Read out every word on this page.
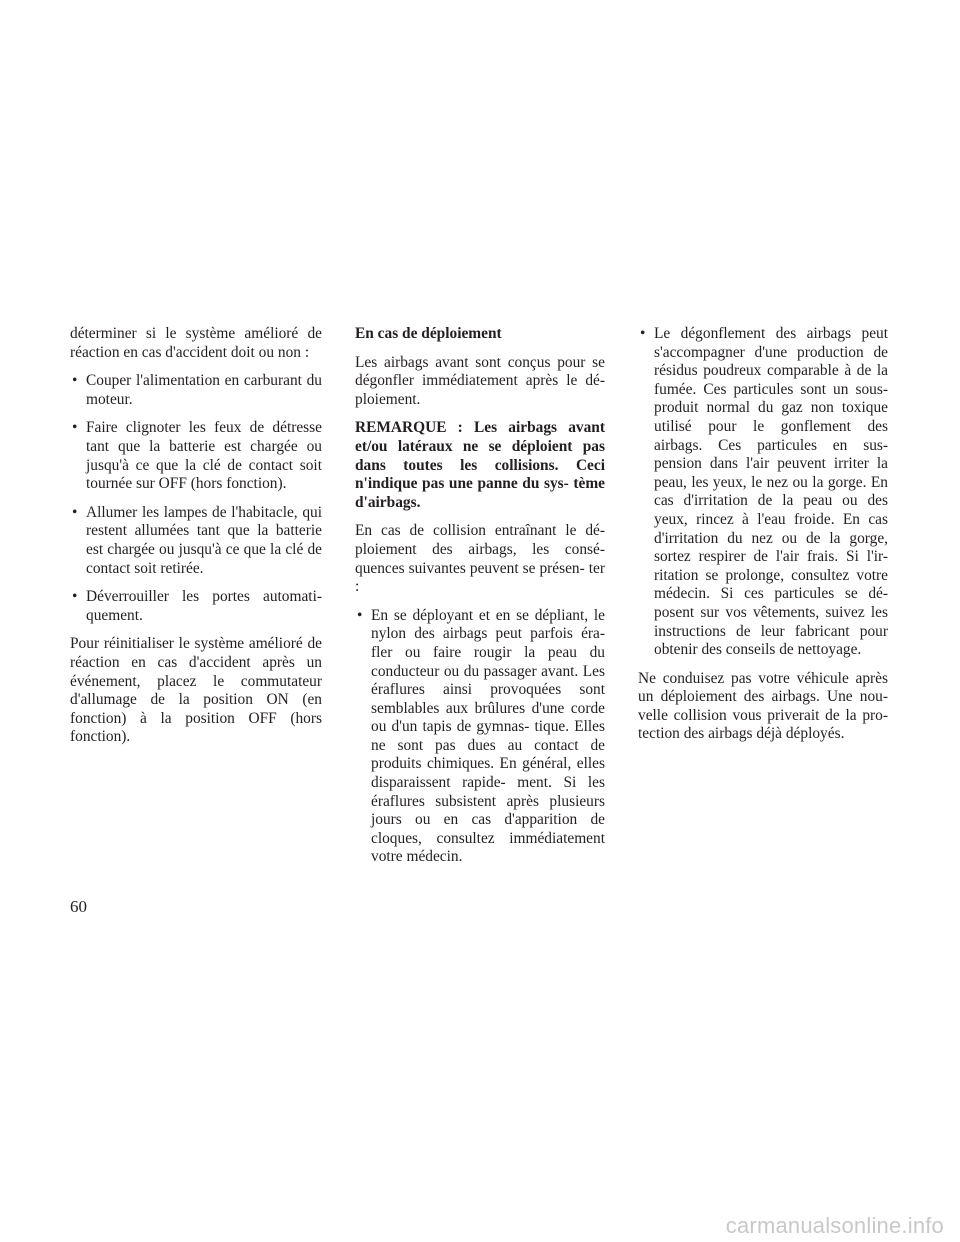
déterminer si le système amélioré de réaction en cas d'accident doit ou non :

• Couper l'alimentation en carburant du moteur.
• Faire clignoter les feux de détresse tant que la batterie est chargée ou jusqu'à ce que la clé de contact soit tournée sur OFF (hors fonction).
• Allumer les lampes de l'habitacle, qui restent allumées tant que la batterie est chargée ou jusqu'à ce que la clé de contact soit retirée.
• Déverrouiller les portes automati- quement.

Pour réinitialiser le système amélioré de réaction en cas d'accident après un événement, placez le commutateur d'allumage de la position ON (en fonction) à la position OFF (hors fonction).

En cas de déploiement

Les airbags avant sont conçus pour se dégonfler immédiatement après le dé- ploiement.

REMARQUE : Les airbags avant et/ou latéraux ne se déploient pas dans toutes les collisions. Ceci n'indique pas une panne du sys- tème d'airbags.

En cas de collision entraînant le dé- ploiement des airbags, les consé- quences suivantes peuvent se présen- ter :

• En se déployant et en se dépliant, le nylon des airbags peut parfois éra- fler ou faire rougir la peau du conducteur ou du passager avant. Les éraflures ainsi provoquées sont semblables aux brûlures d'une corde ou d'un tapis de gymnas- tique. Elles ne sont pas dues au contact de produits chimiques. En général, elles disparaissent rapide- ment. Si les éraflures subsistent après plusieurs jours ou en cas d'apparition de cloques, consultez immédiatement votre médecin.
• Le dégonflement des airbags peut s'accompagner d'une production de résidus poudreux comparable à de la fumée. Ces particules sont un sous-produit normal du gaz non toxique utilisé pour le gonflement des airbags. Ces particules en sus- pension dans l'air peuvent irriter la peau, les yeux, le nez ou la gorge. En cas d'irritation de la peau ou des yeux, rincez à l'eau froide. En cas d'irritation du nez ou de la gorge, sortez respirer de l'air frais. Si l'ir- ritation se prolonge, consultez votre médecin. Si ces particules se dé- posent sur vos vêtements, suivez les instructions de leur fabricant pour obtenir des conseils de nettoyage.

Ne conduisez pas votre véhicule après un déploiement des airbags. Une nou- velle collision vous priverait de la pro- tection des airbags déjà déployés.

60
carmanualsonline.info
